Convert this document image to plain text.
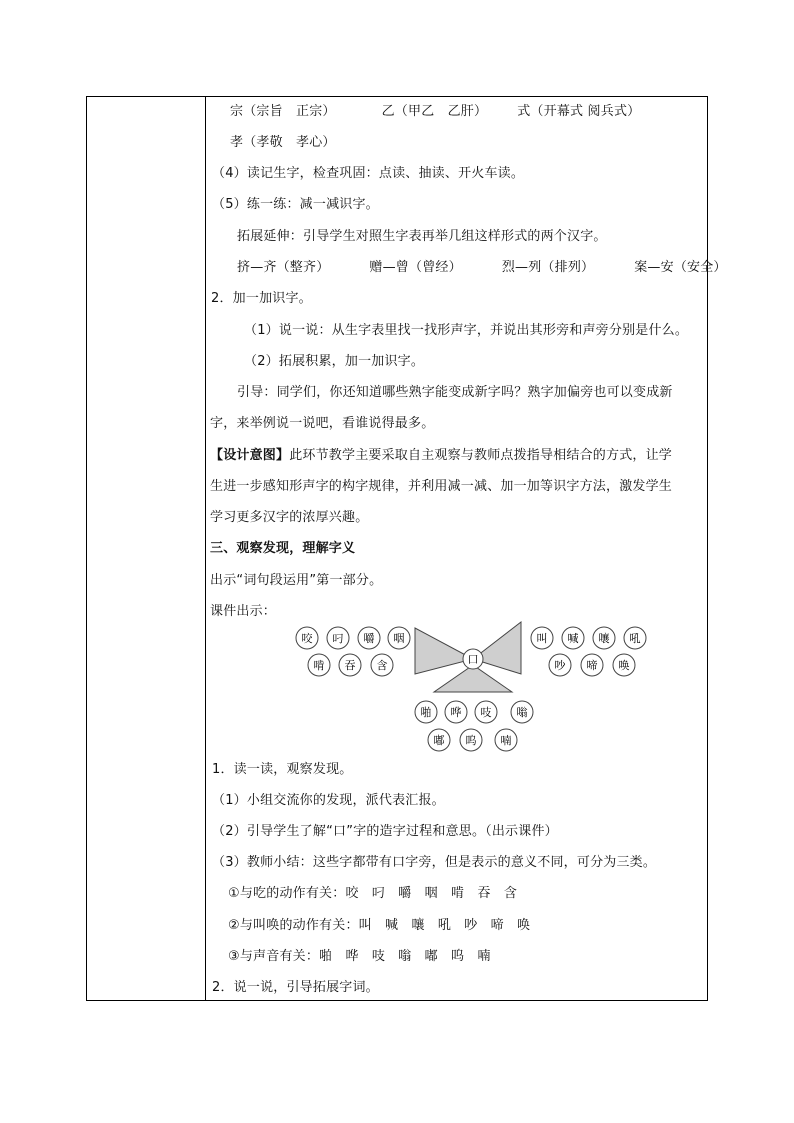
宗（宗旨　正宗）	乙（甲乙　乙肝） 式（开幕式 阅兵式）
孝（孝敬　孝心）
（4）读记生字，检查巩固：点读、抽读、开火车读。
（5）练一练：减一减识字。
拓展延伸：引导学生对照生字表再举几组这样形式的两个汉字。
挤—齐（整齐）	赠—曾（曾经）	烈—列（排列）	案—安（安全）
2．加一加识字。
（1）说一说：从生字表里找一找形声字，并说出其形旁和声旁分别是什么。
（2）拓展积累，加一加识字。
引导：同学们，你还知道哪些熟字能变成新字吗？熟字加偏旁也可以变成新
字，来举例说一说吧，看谁说得最多。
【设计意图】此环节教学主要采取自主观察与教师点拨指导相结合的方式，让学
生进一步感知形声字的构字规律，并利用减一减、加一加等识字方法，激发学生
学习更多汉字的浓厚兴趣。
三、观察发现，理解字义
出示“词句段运用”第一部分。
课件出示：
口
咬 叼 嚼 咽
啃 吞 含
叫 喊 嚷 吼
吵 啼 唤
啪 哗 吱 嗡
嘟 呜 喃
1．读一读，观察发现。
（1）小组交流你的发现，派代表汇报。
（2）引导学生了解“口”字的造字过程和意思。（出示课件）
（3）教师小结：这些字都带有口字旁，但是表示的意义不同，可分为三类。
①与吃的动作有关：咬　叼　嚼　咽　啃　吞　含
②与叫唤的动作有关：叫　喊　嚷　吼　吵　啼　唤
③与声音有关：啪　哗　吱　嗡　嘟　呜　喃
2．说一说，引导拓展字词。
